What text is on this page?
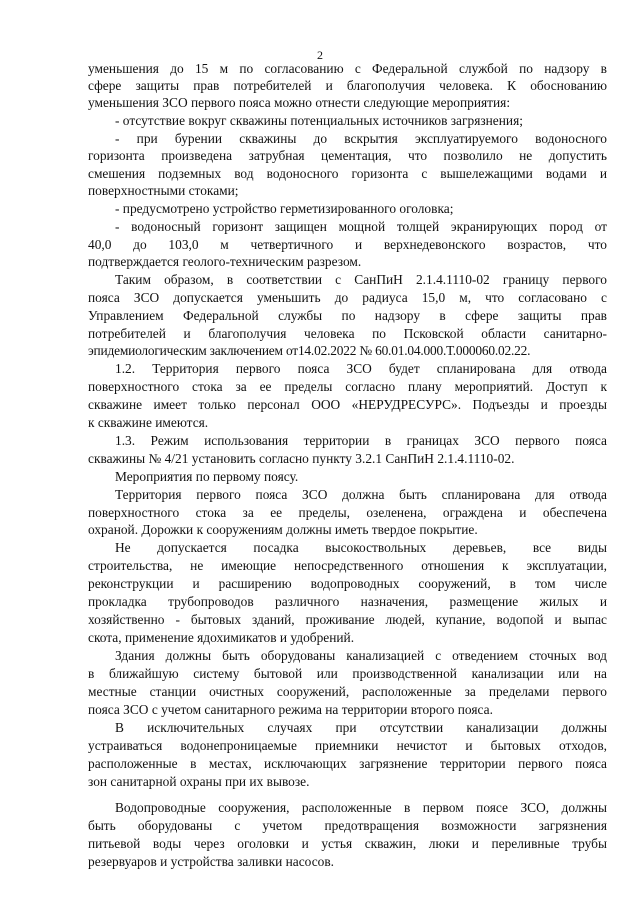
2
уменьшения до 15 м по согласованию с Федеральной службой по надзору в
сфере защиты прав потребителей и благополучия человека. К обоснованию
уменьшения ЗСО первого пояса можно отнести следующие мероприятия:
- отсутствие вокруг скважины потенциальных источников загрязнения;
- при бурении скважины до вскрытия эксплуатируемого водоносного
горизонта произведена затрубная цементация, что позволило не допустить
смешения подземных вод водоносного горизонта с вышележащими водами и
поверхностными стоками;
- предусмотрено устройство герметизированного оголовка;
- водоносный горизонт защищен мощной толщей экранирующих пород от
40,0 до 103,0 м четвертичного и верхнедевонского возрастов, что
подтверждается геолого-техническим разрезом.
Таким образом, в соответствии с СанПиН 2.1.4.1110-02 границу первого
пояса ЗСО допускается уменьшить до радиуса 15,0 м, что согласовано с
Управлением Федеральной службы по надзору в сфере защиты прав
потребителей и благополучия человека по Псковской области санитарно-
эпидемиологическим заключением от14.02.2022 № 60.01.04.000.Т.000060.02.22.
1.2. Территория первого пояса ЗСО будет спланирована для отвода
поверхностного стока за ее пределы согласно плану мероприятий. Доступ к
скважине имеет только персонал ООО «НЕРУДРЕСУРС». Подъезды и проезды
к скважине имеются.
1.3. Режим использования территории в границах ЗСО первого пояса
скважины № 4/21 установить согласно пункту 3.2.1 СанПиН 2.1.4.1110-02.
Мероприятия по первому поясу.
Территория первого пояса ЗСО должна быть спланирована для отвода
поверхностного стока за ее пределы, озеленена, ограждена и обеспечена
охраной. Дорожки к сооружениям должны иметь твердое покрытие.
Не допускается посадка высокоствольных деревьев, все виды
строительства, не имеющие непосредственного отношения к эксплуатации,
реконструкции и расширению водопроводных сооружений, в том числе
прокладка трубопроводов различного назначения, размещение жилых и
хозяйственно - бытовых зданий, проживание людей, купание, водопой и выпас
скота, применение ядохимикатов и удобрений.
Здания должны быть оборудованы канализацией с отведением сточных вод
в ближайшую систему бытовой или производственной канализации или на
местные станции очистных сооружений, расположенные за пределами первого
пояса ЗСО с учетом санитарного режима на территории второго пояса.
В исключительных случаях при отсутствии канализации должны
устраиваться водонепроницаемые приемники нечистот и бытовых отходов,
расположенные в местах, исключающих загрязнение территории первого пояса
зон санитарной охраны при их вывозе.
Водопроводные сооружения, расположенные в первом поясе ЗСО, должны
быть оборудованы с учетом предотвращения возможности загрязнения
питьевой воды через оголовки и устья скважин, люки и переливные трубы
резервуаров и устройства заливки насосов.
